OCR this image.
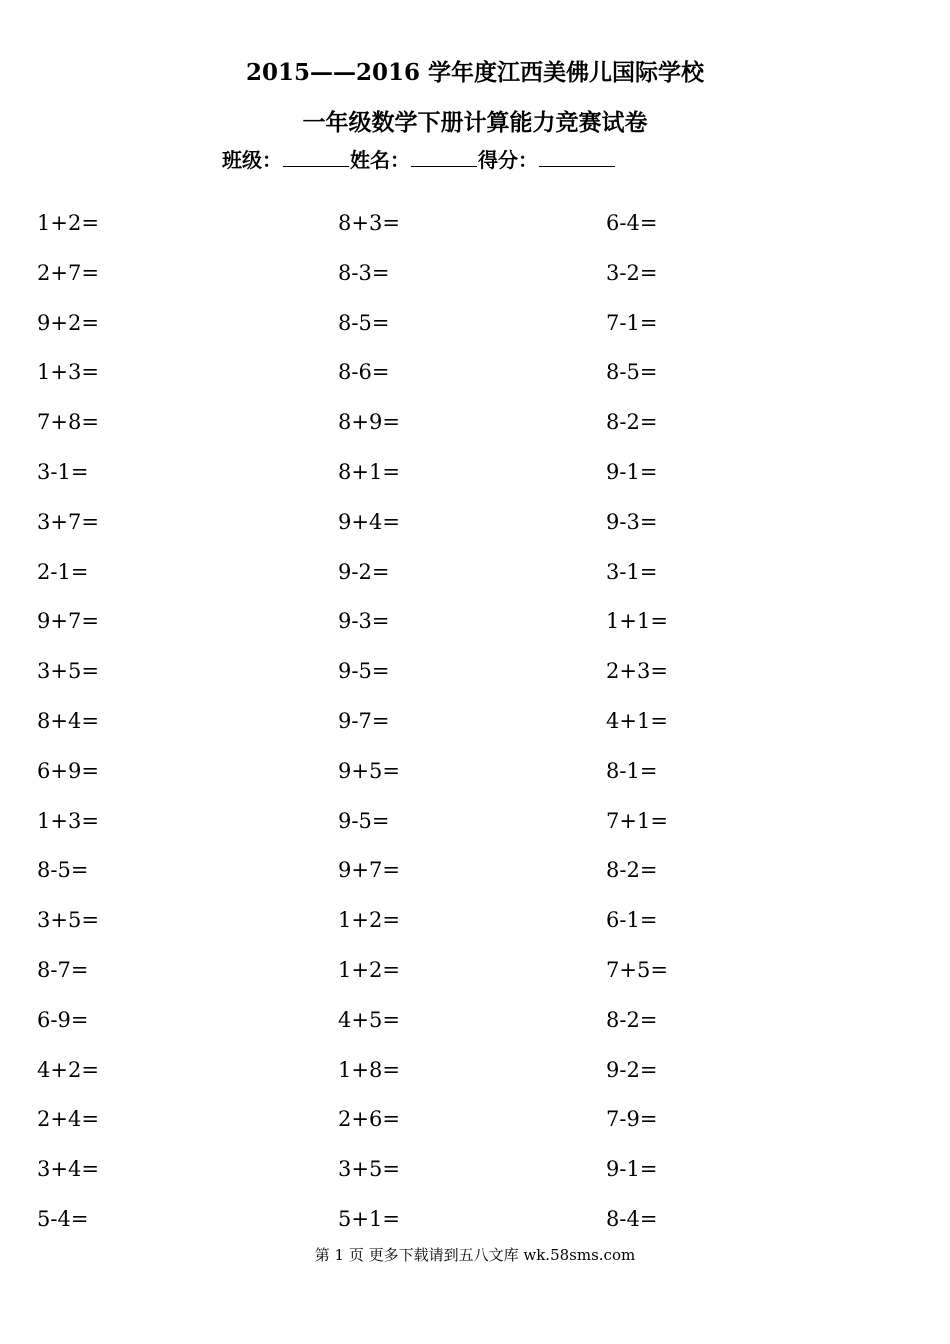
2015——2016 学年度江西美佛儿国际学校
一年级数学下册计算能力竞赛试卷
班级：	姓名：	得分：
1+2=	8+3=	6-4=
2+7=	8-3=	3-2=
9+2=	8-5=	7-1=
1+3=	8-6=	8-5=
7+8=	8+9=	8-2=
3-1=	8+1=	9-1=
3+7=	9+4=	9-3=
2-1=	9-2=	3-1=
9+7=	9-3=	1+1=
3+5=	9-5=	2+3=
8+4=	9-7=	4+1=
6+9=	9+5=	8-1=
1+3=	9-5=	7+1=
8-5=	9+7=	8-2=
3+5=	1+2=	6-1=
8-7=	1+2=	7+5=
6-9=	4+5=	8-2=
4+2=	1+8=	9-2=
2+4=	2+6=	7-9=
3+4=	3+5=	9-1=
5-4=	5+1=	8-4=
第 1 页 更多下载请到五八文库 wk.58sms.com
